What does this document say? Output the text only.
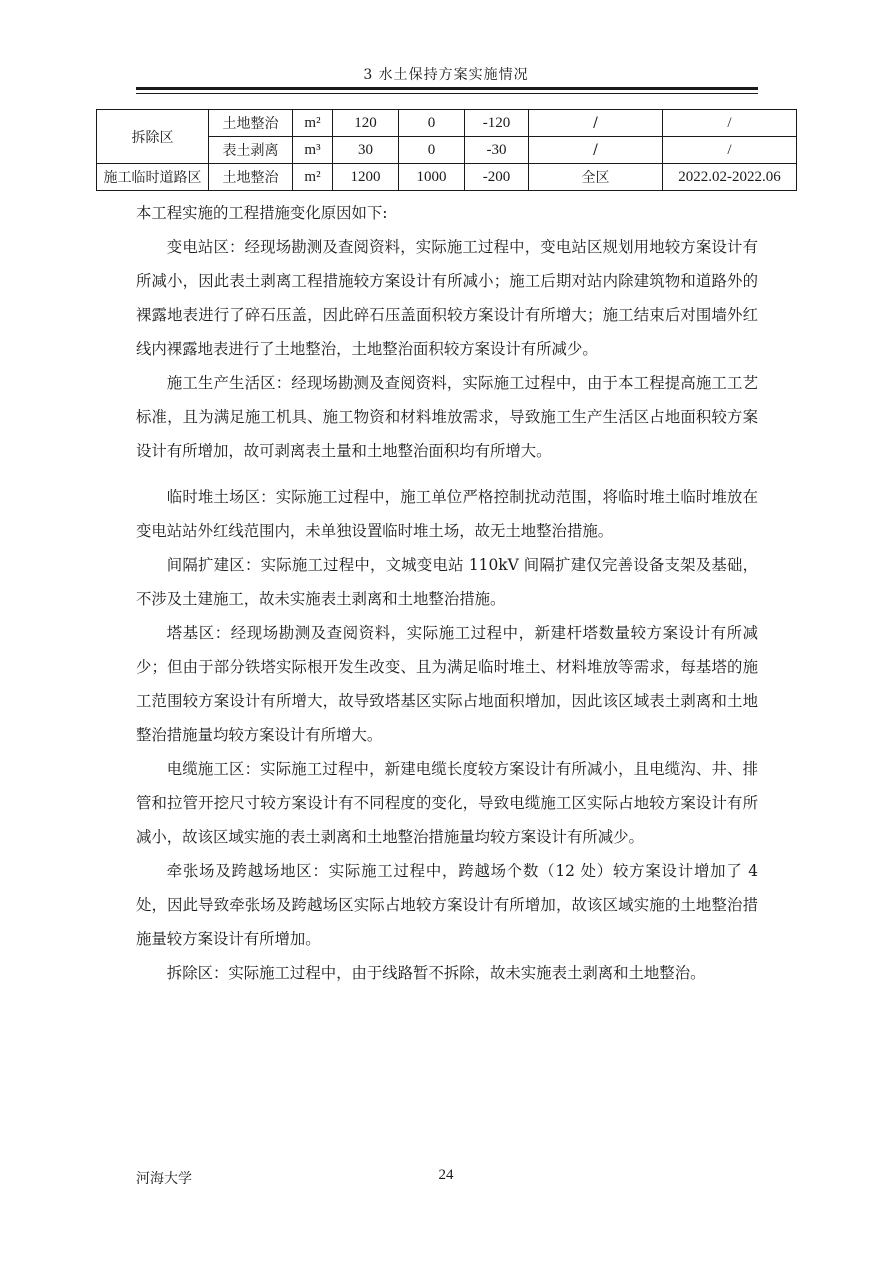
3 水土保持方案实施情况
拆除区	土地整治	m²	120	0	-120	/	/
	表土剥离	m³	30	0	-30	/	/
施工临时道路区	土地整治	m²	1200	1000	-200	全区	2022.02-2022.06

本工程实施的工程措施变化原因如下:

变电站区：经现场勘测及查阅资料，实际施工过程中，变电站区规划用地较方案设计有所减小，因此表土剥离工程措施较方案设计有所减小；施工后期对站内除建筑物和道路外的裸露地表进行了碎石压盖，因此碎石压盖面积较方案设计有所增大；施工结束后对围墙外红线内裸露地表进行了土地整治，土地整治面积较方案设计有所减少。

施工生产生活区：经现场勘测及查阅资料，实际施工过程中，由于本工程提高施工工艺标准，且为满足施工机具、施工物资和材料堆放需求，导致施工生产生活区占地面积较方案设计有所增加，故可剥离表土量和土地整治面积均有所增大。

临时堆土场区：实际施工过程中，施工单位严格控制扰动范围，将临时堆土临时堆放在变电站站外红线范围内，未单独设置临时堆土场，故无土地整治措施。

间隔扩建区：实际施工过程中，文城变电站 110kV 间隔扩建仅完善设备支架及基础，不涉及土建施工，故未实施表土剥离和土地整治措施。

塔基区：经现场勘测及查阅资料，实际施工过程中，新建杆塔数量较方案设计有所减少；但由于部分铁塔实际根开发生改变、且为满足临时堆土、材料堆放等需求，每基塔的施工范围较方案设计有所增大，故导致塔基区实际占地面积增加，因此该区域表土剥离和土地整治措施量均较方案设计有所增大。

电缆施工区：实际施工过程中，新建电缆长度较方案设计有所减小，且电缆沟、井、排管和拉管开挖尺寸较方案设计有不同程度的变化，导致电缆施工区实际占地较方案设计有所减小，故该区域实施的表土剥离和土地整治措施量均较方案设计有所减少。

牵张场及跨越场地区：实际施工过程中，跨越场个数（12 处）较方案设计增加了 4 处，因此导致牵张场及跨越场区实际占地较方案设计有所增加，故该区域实施的土地整治措施量较方案设计有所增加。

拆除区：实际施工过程中，由于线路暂不拆除，故未实施表土剥离和土地整治。

河海大学	24
